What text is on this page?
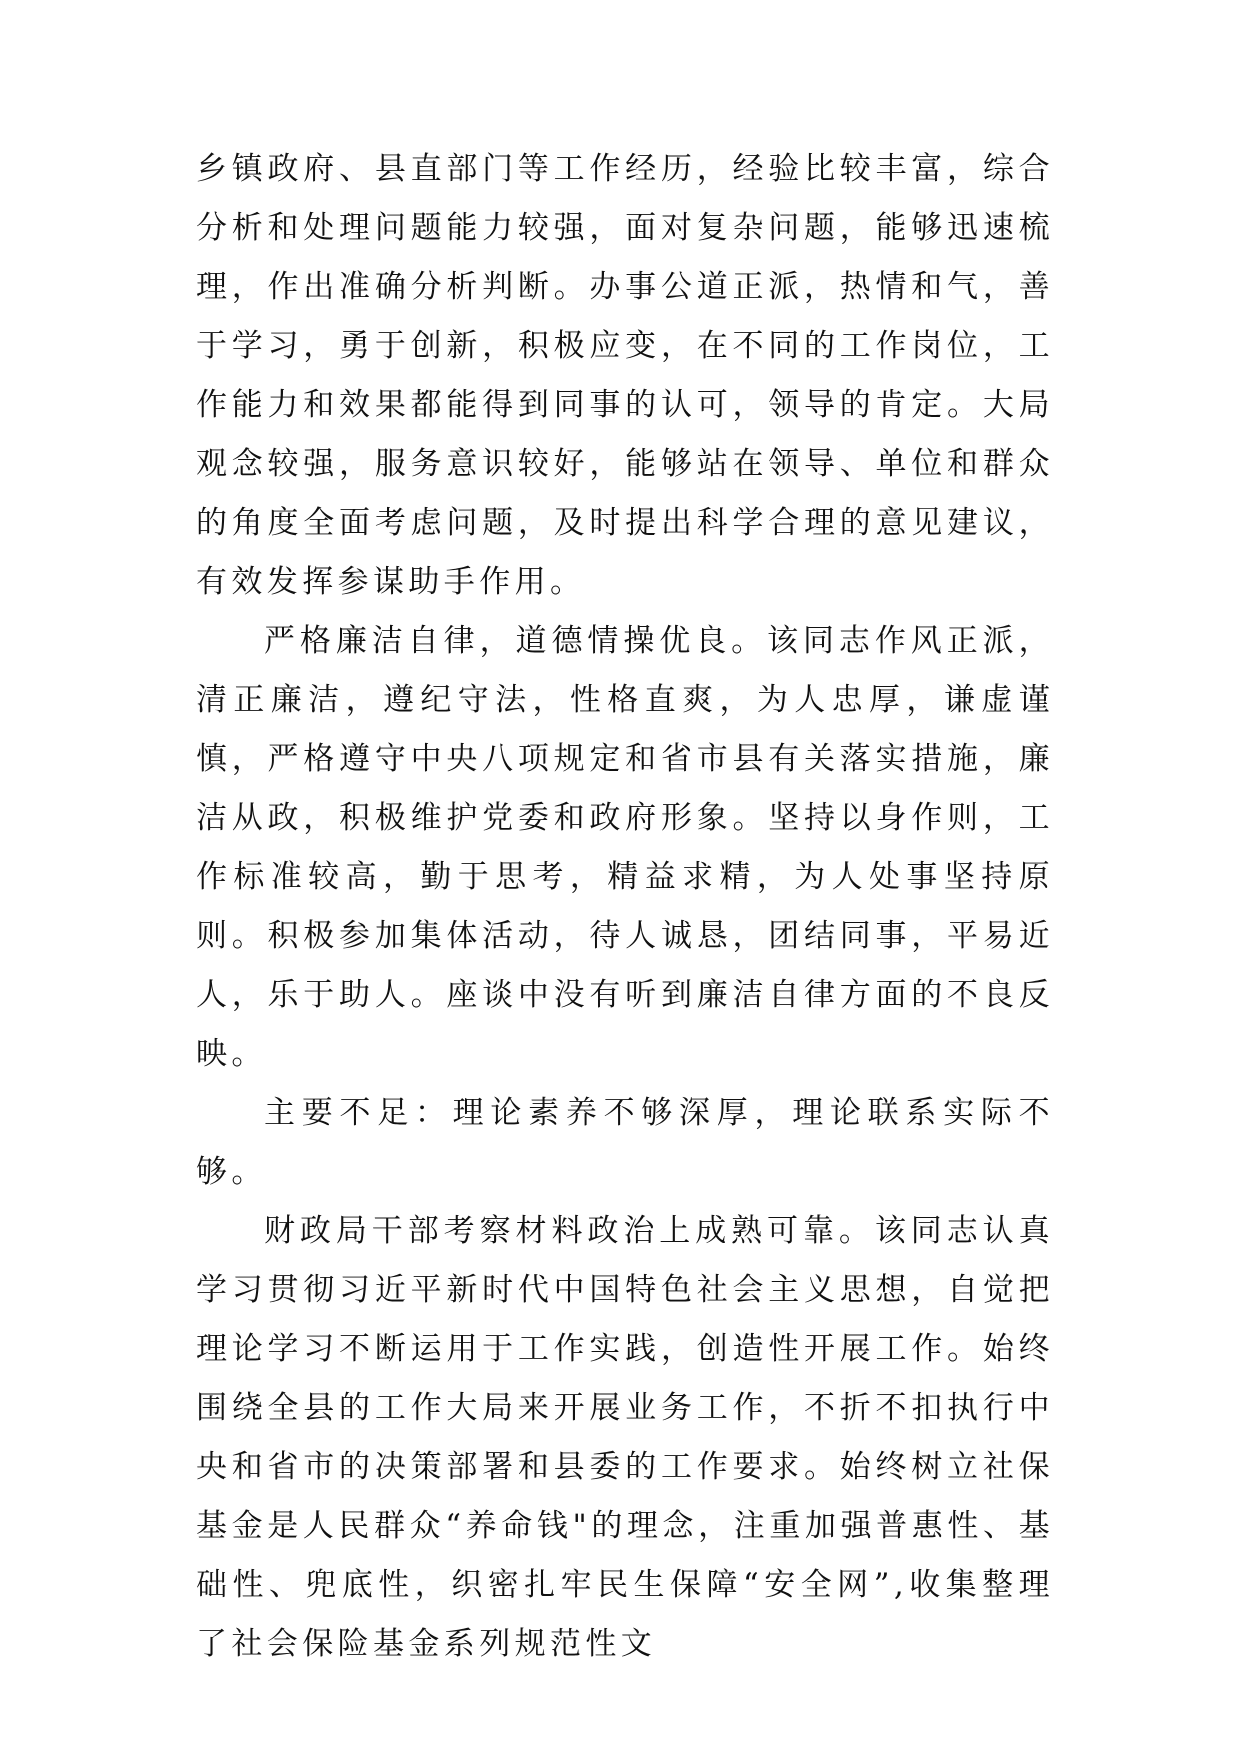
乡镇政府、县直部门等工作经历，经验比较丰富，综合分析和处理问题能力较强，面对复杂问题，能够迅速梳理，作出准确分析判断。办事公道正派，热情和气，善于学习，勇于创新，积极应变，在不同的工作岗位，工作能力和效果都能得到同事的认可，领导的肯定。大局观念较强，服务意识较好，能够站在领导、单位和群众的角度全面考虑问题，及时提出科学合理的意见建议，有效发挥参谋助手作用。

严格廉洁自律，道德情操优良。该同志作风正派，清正廉洁，遵纪守法，性格直爽，为人忠厚，谦虚谨慎，严格遵守中央八项规定和省市县有关落实措施，廉洁从政，积极维护党委和政府形象。坚持以身作则，工作标准较高，勤于思考，精益求精，为人处事坚持原则。积极参加集体活动，待人诚恳，团结同事，平易近人，乐于助人。座谈中没有听到廉洁自律方面的不良反映。

主要不足：理论素养不够深厚，理论联系实际不够。

财政局干部考察材料政治上成熟可靠。该同志认真学习贯彻习近平新时代中国特色社会主义思想，自觉把理论学习不断运用于工作实践，创造性开展工作。始终围绕全县的工作大局来开展业务工作，不折不扣执行中央和省市的决策部署和县委的工作要求。始终树立社保基金是人民群众“养命钱"的理念，注重加强普惠性、基础性、兜底性，织密扎牢民生保障“安全网”,收集整理了社会保险基金系列规范性文
